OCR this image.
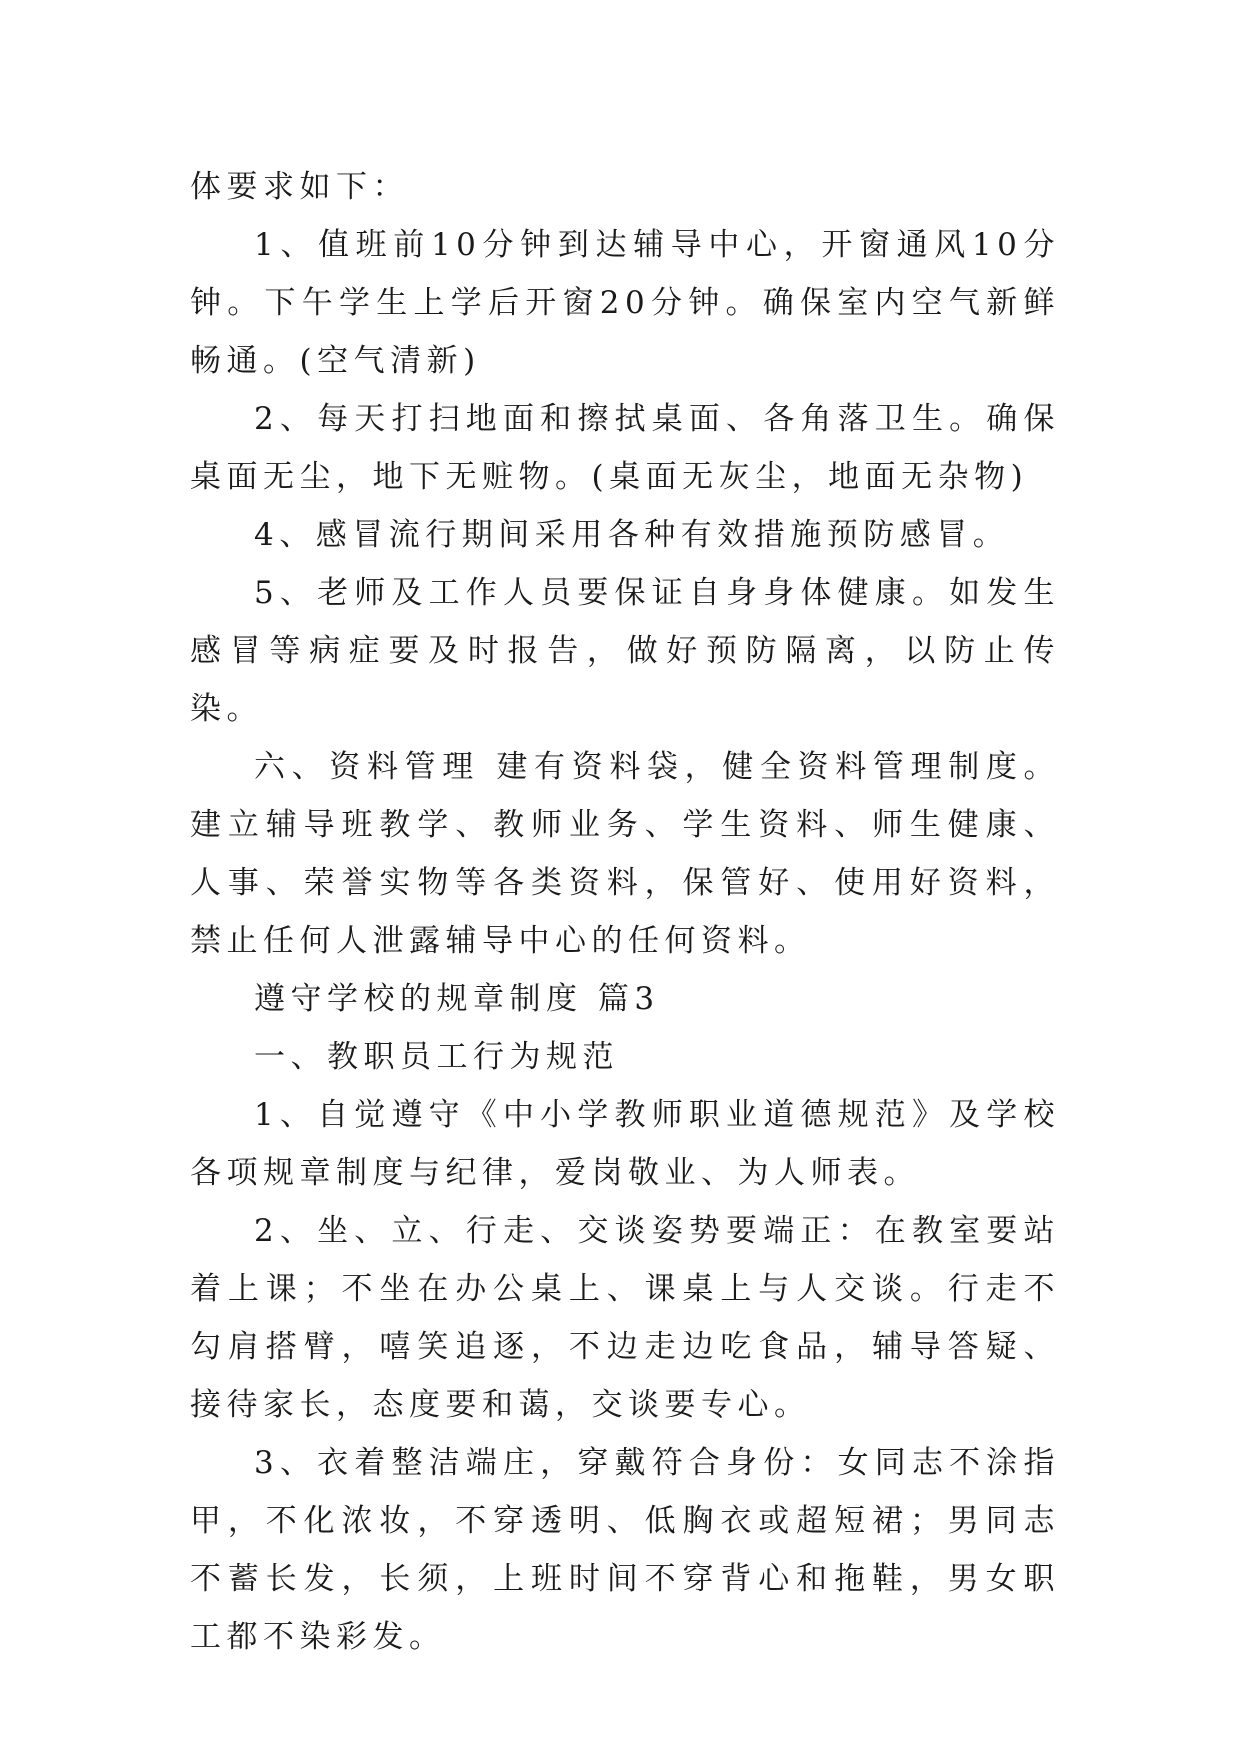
体要求如下：

1、值班前10分钟到达辅导中心，开窗通风10分钟。下午学生上学后开窗20分钟。确保室内空气新鲜畅通。(空气清新)

2、每天打扫地面和擦拭桌面、各角落卫生。确保桌面无尘，地下无赃物。(桌面无灰尘，地面无杂物)

4、感冒流行期间采用各种有效措施预防感冒。

5、老师及工作人员要保证自身身体健康。如发生感冒等病症要及时报告，做好预防隔离，以防止传染。

六、资料管理 建有资料袋，健全资料管理制度。建立辅导班教学、教师业务、学生资料、师生健康、人事、荣誉实物等各类资料，保管好、使用好资料，禁止任何人泄露辅导中心的任何资料。

遵守学校的规章制度 篇3

一、教职员工行为规范

1、自觉遵守《中小学教师职业道德规范》及学校各项规章制度与纪律，爱岗敬业、为人师表。

2、坐、立、行走、交谈姿势要端正：在教室要站着上课；不坐在办公桌上、课桌上与人交谈。行走不勾肩搭臂，嘻笑追逐，不边走边吃食品，辅导答疑、接待家长，态度要和蔼，交谈要专心。

3、衣着整洁端庄，穿戴符合身份：女同志不涂指甲，不化浓妆，不穿透明、低胸衣或超短裙；男同志不蓄长发，长须，上班时间不穿背心和拖鞋，男女职工都不染彩发。
